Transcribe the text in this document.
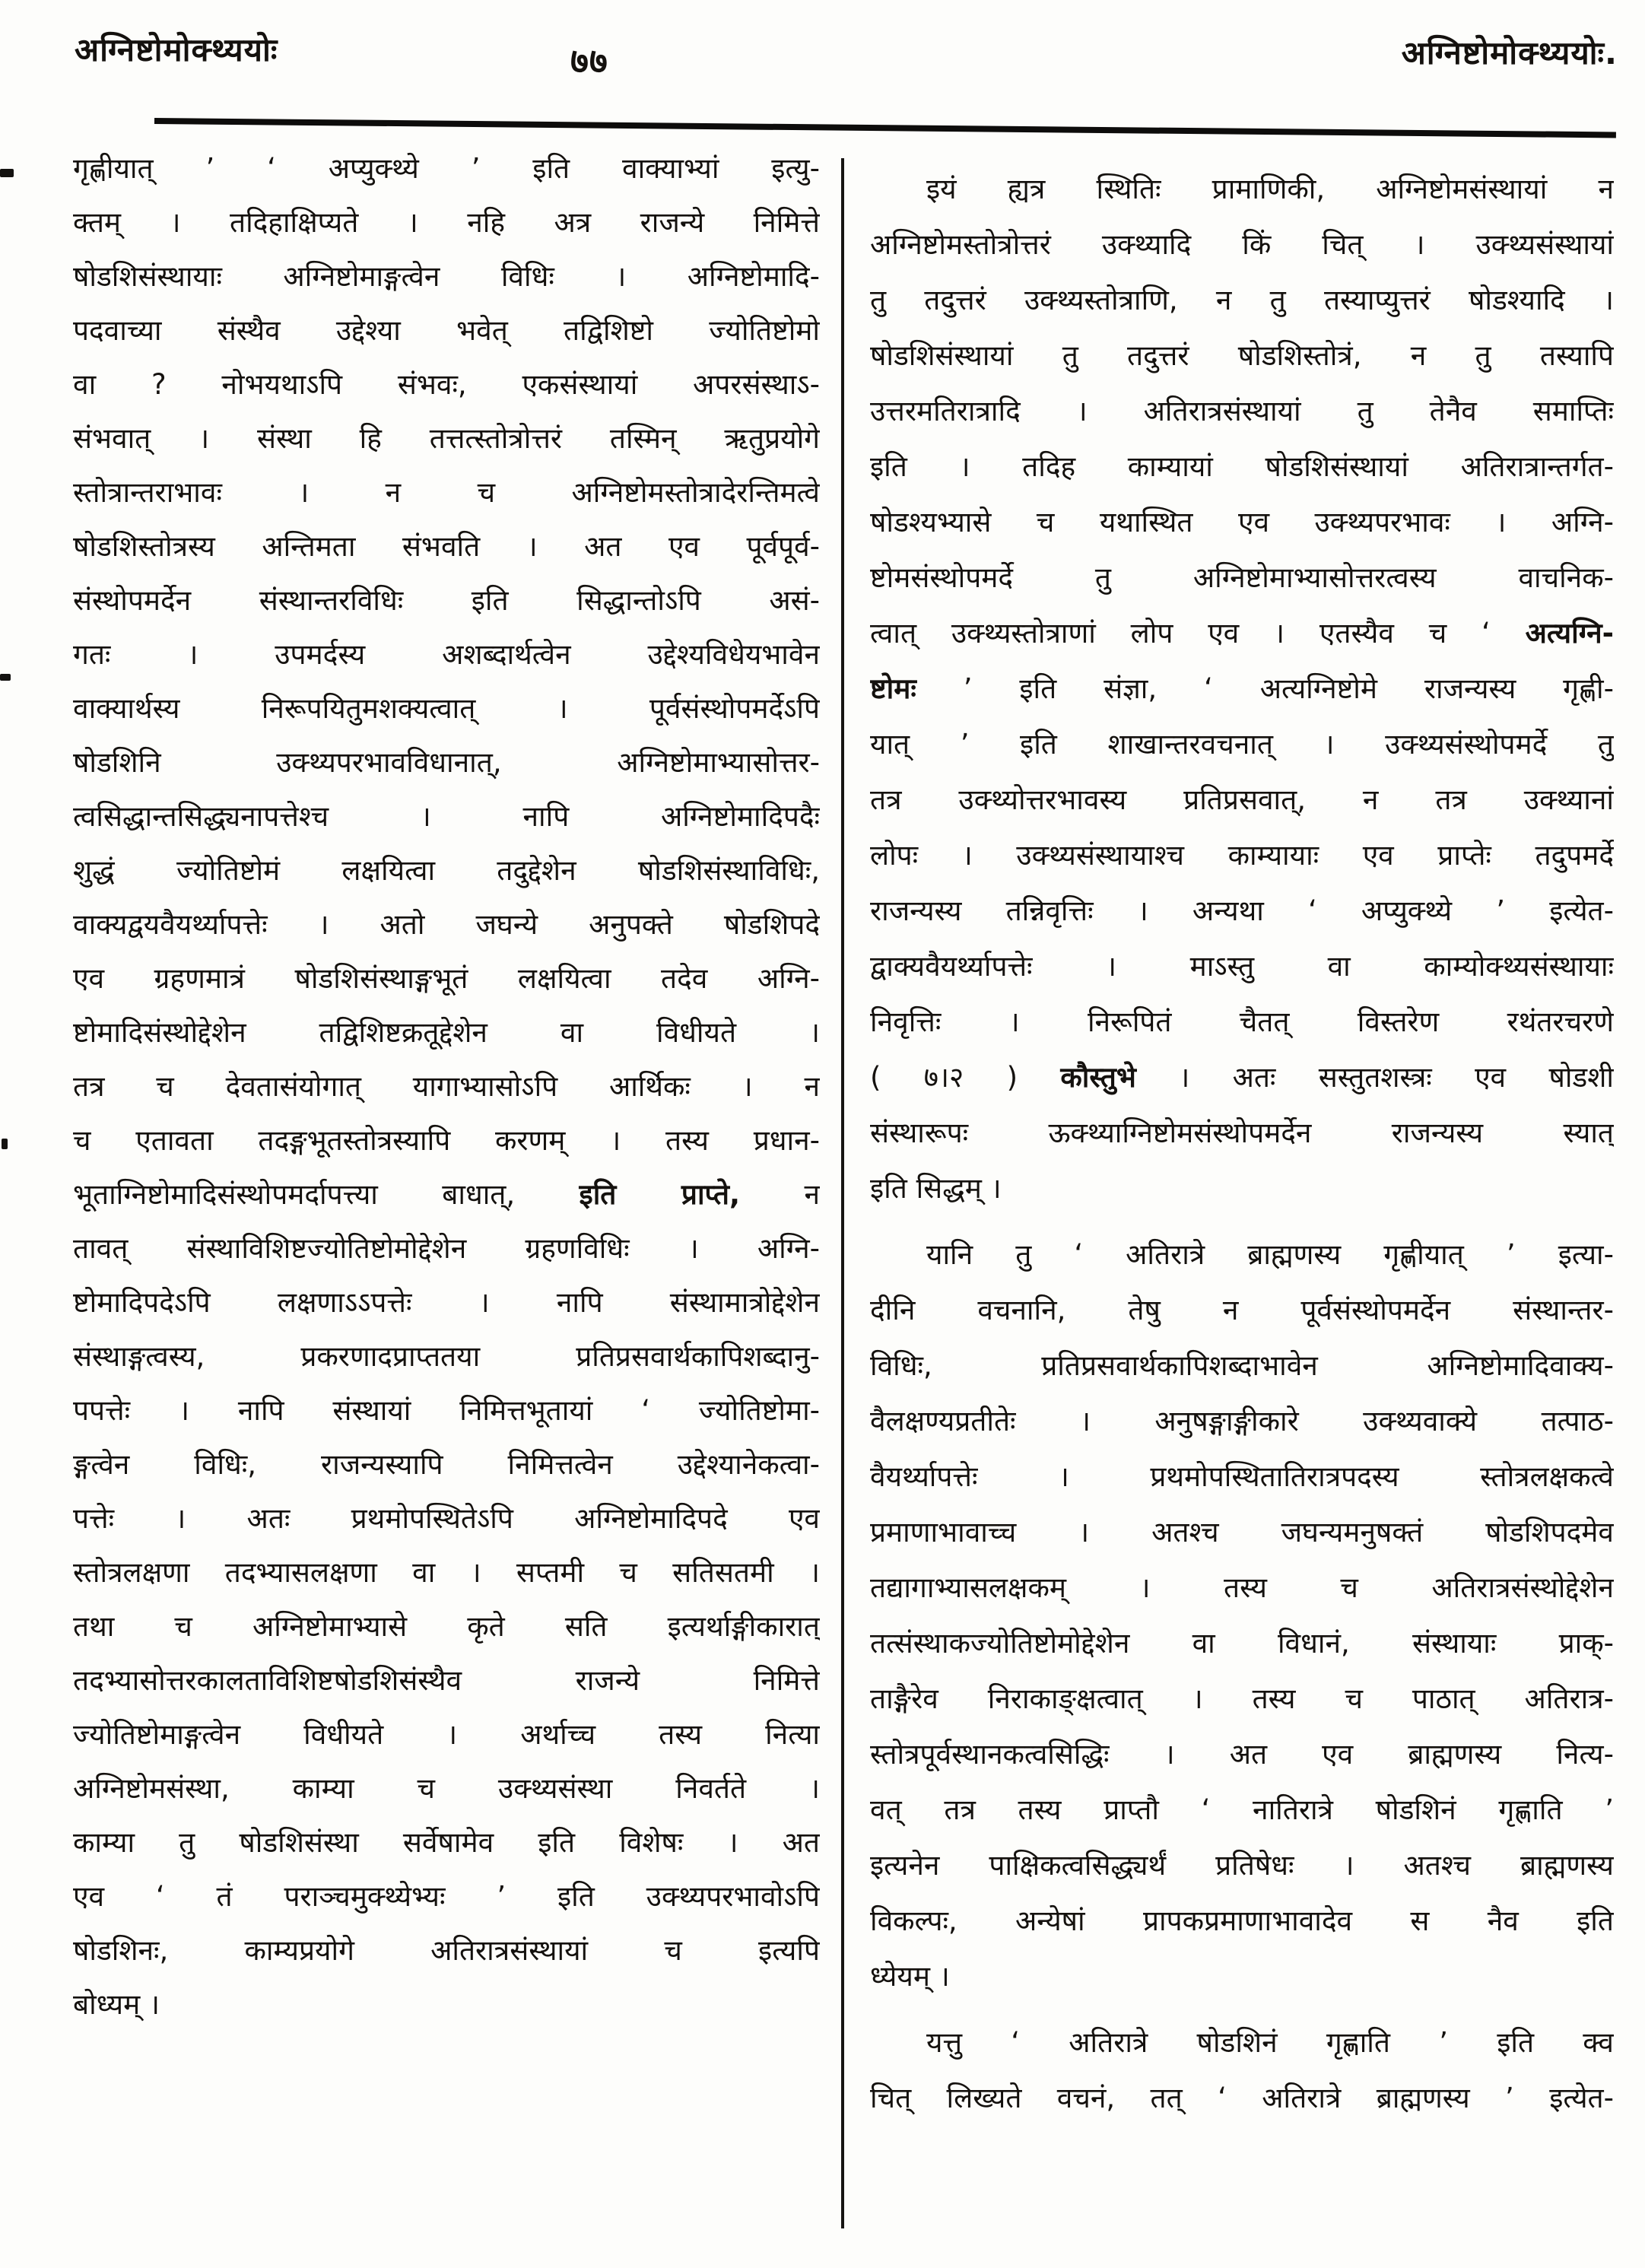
अग्निष्टोमोक्थ्ययोः	७७	अग्निष्टोमोक्थ्ययोः.
गृह्णीयात् ’ ‘ अप्युक्थ्ये ’ इति वाक्याभ्यां इत्यु-
क्तम् । तदिहाक्षिप्यते । नहि अत्र राजन्ये निमित्ते
षोडशिसंस्थायाः अग्निष्टोमाङ्गत्वेन विधिः । अग्निष्टोमादि-
पदवाच्या संस्थैव उद्देश्या भवेत् तद्विशिष्टो ज्योतिष्टोमो
वा ? नोभयथाऽपि संभवः, एकसंस्थायां अपरसंस्थाऽ-
संभवात् । संस्था हि तत्तत्स्तोत्रोत्तरं तस्मिन् ऋतुप्रयोगे
स्तोत्रान्तराभावः । न च अग्निष्टोमस्तोत्रादेरन्तिमत्वे
षोडशिस्तोत्रस्य अन्तिमता संभवति । अत एव पूर्वपूर्व-
संस्थोपमर्देन संस्थान्तरविधिः इति सिद्धान्तोऽपि असं-
गतः । उपमर्दस्य अशब्दार्थत्वेन उद्देश्यविधेयभावेन
वाक्यार्थस्य निरूपयितुमशक्यत्वात् । पूर्वसंस्थोपमर्देऽपि
षोडशिनि उक्थ्यपरभावविधानात्, अग्निष्टोमाभ्यासोत्तर-
त्वसिद्धान्तसिद्ध्यनापत्तेश्च । नापि अग्निष्टोमादिपदैः
शुद्धं ज्योतिष्टोमं लक्षयित्वा तदुद्देशेन षोडशिसंस्थाविधिः,
वाक्यद्वयवैयर्थ्यापत्तेः । अतो जघन्ये अनुपक्ते षोडशिपदे
एव ग्रहणमात्रं षोडशिसंस्थाङ्गभूतं लक्षयित्वा तदेव अग्नि-
ष्टोमादिसंस्थोद्देशेन तद्विशिष्टक्रतूद्देशेन वा विधीयते ।
तत्र च देवतासंयोगात् यागाभ्यासोऽपि आर्थिकः । न
च एतावता तदङ्गभूतस्तोत्रस्यापि करणम् । तस्य प्रधान-
भूताग्निष्टोमादिसंस्थोपमर्दापत्त्या बाधात्, इति प्राप्ते, न
तावत् संस्थाविशिष्टज्योतिष्टोमोद्देशेन ग्रहणविधिः । अग्नि-
ष्टोमादिपदेऽपि लक्षणाऽऽपत्तेः । नापि संस्थामात्रोद्देशेन
संस्थाङ्गत्वस्य, प्रकरणादप्राप्ततया प्रतिप्रसवार्थकापिशब्दानु-
पपत्तेः । नापि संस्थायां निमित्तभूतायां ‘ ज्योतिष्टोमा-
ङ्गत्वेन विधिः, राजन्यस्यापि निमित्तत्वेन उद्देश्यानेकत्वा-
पत्तेः । अतः प्रथमोपस्थितेऽपि अग्निष्टोमादिपदे एव
स्तोत्रलक्षणा तदभ्यासलक्षणा वा । सप्तमी च सतिसतमी ।
तथा च अग्निष्टोमाभ्यासे कृते सति इत्यर्थाङ्गीकारात्
तदभ्यासोत्तरकालताविशिष्टषोडशिसंस्थैव राजन्ये निमित्ते
ज्योतिष्टोमाङ्गत्वेन विधीयते । अर्थाच्च तस्य नित्या
अग्निष्टोमसंस्था, काम्या च उक्थ्यसंस्था निवर्तते ।
काम्या तु षोडशिसंस्था सर्वेषामेव इति विशेषः । अत
एव ‘ तं पराञ्चमुक्थ्येभ्यः ’ इति उक्थ्यपरभावोऽपि
षोडशिनः, काम्यप्रयोगे अतिरात्रसंस्थायां च इत्यपि
बोध्यम् ।
इयं ह्यत्र स्थितिः प्रामाणिकी, अग्निष्टोमसंस्थायां न
अग्निष्टोमस्तोत्रोत्तरं उक्थ्यादि किं चित् । उक्थ्यसंस्थायां
तु तदुत्तरं उक्थ्यस्तोत्राणि, न तु तस्याप्युत्तरं षोडश्यादि ।
षोडशिसंस्थायां तु तदुत्तरं षोडशिस्तोत्रं, न तु तस्यापि
उत्तरमतिरात्रादि । अतिरात्रसंस्थायां तु तेनैव समाप्तिः
इति । तदिह काम्यायां षोडशिसंस्थायां अतिरात्रान्तर्गत-
षोडश्यभ्यासे च यथास्थित एव उक्थ्यपरभावः । अग्नि-
ष्टोमसंस्थोपमर्दे तु अग्निष्टोमाभ्यासोत्तरत्वस्य वाचनिक-
त्वात् उक्थ्यस्तोत्राणां लोप एव । एतस्यैव च ‘ अत्यग्नि-
ष्टोमः ’ इति संज्ञा, ‘ अत्यग्निष्टोमे राजन्यस्य गृह्णी-
यात् ’ इति शाखान्तरवचनात् । उक्थ्यसंस्थोपमर्दे तु
तत्र उक्थ्योत्तरभावस्य प्रतिप्रसवात्, न तत्र उक्थ्यानां
लोपः । उक्थ्यसंस्थायाश्च काम्यायाः एव प्राप्तेः तदुपमर्दे
राजन्यस्य तन्निवृत्तिः । अन्यथा ‘ अप्युक्थ्ये ’ इत्येत-
द्वाक्यवैयर्थ्यापत्तेः । माऽस्तु वा काम्योक्थ्यसंस्थायाः
निवृत्तिः । निरूपितं चैतत् विस्तरेण रथंतरचरणे
( ७।२ ) कौस्तुभे । अतः सस्तुतशस्त्रः एव षोडशी
संस्थारूपः ऊक्थ्याग्निष्टोमसंस्थोपमर्देन राजन्यस्य स्यात्
इति सिद्धम् ।
यानि तु ‘ अतिरात्रे ब्राह्मणस्य गृह्णीयात् ’ इत्या-
दीनि वचनानि, तेषु न पूर्वसंस्थोपमर्देन संस्थान्तर-
विधिः, प्रतिप्रसवार्थकापिशब्दाभावेन अग्निष्टोमादिवाक्य-
वैलक्षण्यप्रतीतेः । अनुषङ्गाङ्गीकारे उक्थ्यवाक्ये तत्पाठ-
वैयर्थ्यापत्तेः । प्रथमोपस्थितातिरात्रपदस्य स्तोत्रलक्षकत्वे
प्रमाणाभावाच्च । अतश्च जघन्यमनुषक्तं षोडशिपदमेव
तद्यागाभ्यासलक्षकम् । तस्य च अतिरात्रसंस्थोद्देशेन
तत्संस्थाकज्योतिष्टोमोद्देशेन वा विधानं, संस्थायाः प्राक्-
ताङ्गैरेव निराकाङ्क्षत्वात् । तस्य च पाठात् अतिरात्र-
स्तोत्रपूर्वस्थानकत्वसिद्धिः । अत एव ब्राह्मणस्य नित्य-
वत् तत्र तस्य प्राप्तौ ‘ नातिरात्रे षोडशिनं गृह्णाति ’
इत्यनेन पाक्षिकत्वसिद्ध्यर्थं प्रतिषेधः । अतश्च ब्राह्मणस्य
विकल्पः, अन्येषां प्रापकप्रमाणाभावादेव स नैव इति
ध्येयम् ।
यत्तु ‘ अतिरात्रे षोडशिनं गृह्णाति ’ इति क्व
चित् लिख्यते वचनं, तत् ‘ अतिरात्रे ब्राह्मणस्य ’ इत्येत-
